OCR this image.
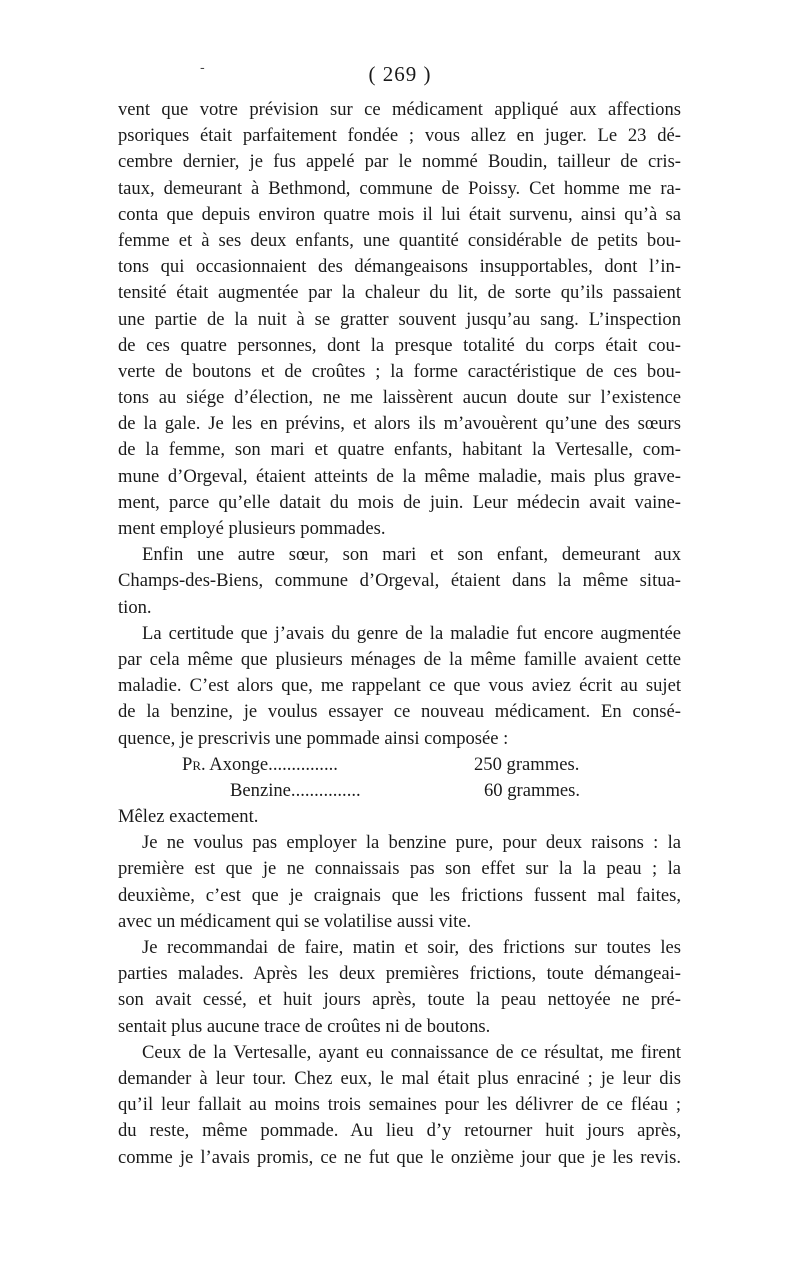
-	( 269 )
vent que votre prévision sur ce médicament appliqué aux affections
psoriques était parfaitement fondée ; vous allez en juger. Le 23 dé-
cembre dernier, je fus appelé par le nommé Boudin, tailleur de cris-
taux, demeurant à Bethmond, commune de Poissy. Cet homme me ra-
conta que depuis environ quatre mois il lui était survenu, ainsi qu’à sa
femme et à ses deux enfants, une quantité considérable de petits bou-
tons qui occasionnaient des démangeaisons insupportables, dont l’in-
tensité était augmentée par la chaleur du lit, de sorte qu’ils passaient
une partie de la nuit à se gratter souvent jusqu’au sang. L’inspection
de ces quatre personnes, dont la presque totalité du corps était cou-
verte de boutons et de croûtes ; la forme caractéristique de ces bou-
tons au siége d’élection, ne me laissèrent aucun doute sur l’existence
de la gale. Je les en prévins, et alors ils m’avouèrent qu’une des sœurs
de la femme, son mari et quatre enfants, habitant la Vertesalle, com-
mune d’Orgeval, étaient atteints de la même maladie, mais plus grave-
ment, parce qu’elle datait du mois de juin. Leur médecin avait vaine-
ment employé plusieurs pommades.
Enfin une autre sœur, son mari et son enfant, demeurant aux
Champs-des-Biens, commune d’Orgeval, étaient dans la même situa-
tion.
La certitude que j’avais du genre de la maladie fut encore augmentée
par cela même que plusieurs ménages de la même famille avaient cette
maladie. C’est alors que, me rappelant ce que vous aviez écrit au sujet
de la benzine, je voulus essayer ce nouveau médicament. En consé-
quence, je prescrivis une pommade ainsi composée :
Pr. Axonge...............	250 grammes.
Benzine...............	60 grammes.
Mêlez exactement.
Je ne voulus pas employer la benzine pure, pour deux raisons : la
première est que je ne connaissais pas son effet sur la la peau ; la
deuxième, c’est que je craignais que les frictions fussent mal faites,
avec un médicament qui se volatilise aussi vite.
Je recommandai de faire, matin et soir, des frictions sur toutes les
parties malades. Après les deux premières frictions, toute démangeai-
son avait cessé, et huit jours après, toute la peau nettoyée ne pré-
sentait plus aucune trace de croûtes ni de boutons.
Ceux de la Vertesalle, ayant eu connaissance de ce résultat, me firent
demander à leur tour. Chez eux, le mal était plus enraciné ; je leur dis
qu’il leur fallait au moins trois semaines pour les délivrer de ce fléau ;
du reste, même pommade. Au lieu d’y retourner huit jours après,
comme je l’avais promis, ce ne fut que le onzième jour que je les revis.
